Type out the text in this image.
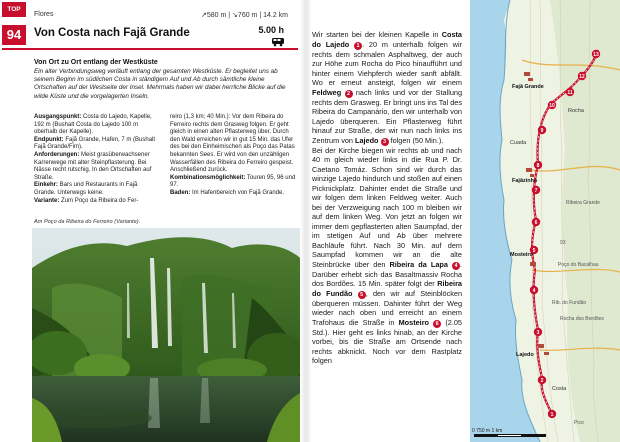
TOP
94
Flores	↗580 m | ↘760 m | 14.2 km
Von Costa nach Fajã Grande	5.00 h
Von Ort zu Ort entlang der Westküste
Ein alter Verbindungsweg verläuft entlang der gesamten Westküste. Er begleitet uns ab seinem Beginn im südlichen Costa in ständigem Auf und Ab durch sämtliche kleine Ortschaften auf der Westseite der Insel. Mehrmals haben wir dabei herrliche Blicke auf die wilde Küste und die vorgelagerten Inseln.
Ausgangspunkt: Costa do Lajedo, Kapelle, 192 m (Bushalt Costa do Lajedo 100 m oberhalb der Kapelle).
Endpunkt: Fajã Grande, Hafen, 7 m (Bushalt Fajã Grande/Fim).
Anforderungen: Meist grasüberwachsener Karrenwege mit alter Steinpflasterung. Bei Nässe recht rutschig. In den Ortschaften auf Straße.
Einkehr: Bars und Restaurants in Fajã Grande. Unterwegs keine.
Variante: Zum Poço da Ribeira do Fer-
reiro (1,3 km; 40 Min.): Vor dem Ribeira do Ferreiro rechts dem Grasweg folgen. Er geht gleich in einen alten Pflasterweg über. Durch den Wald erreichen wir in gut 15 Min. das Ufer des bei den Einheimischen als Poço das Patas bekannten Sees. Er wird von den unzähligen Wasserfällen des Ribeira do Ferreiro gespeist. Anschließend zurück.
Kombinationsmöglichkeit: Touren 95, 96 und 97.
Baden: Im Hafenbereich von Fajã Grande.
Am Poço da Ribeira do Ferreiro (Variante).
Wir starten bei der kleinen Kapelle in Costa do Lajedo 1 . 20 m unterhalb folgen wir rechts dem schmalen Asphaltweg, der auch zur Höhe zum Rocha do Pico hinaufführt und hinter einem Viehpferch wieder sanft abfällt. Wo er erneut ansteigt, folgen wir einem Feldweg 2 nach links und vor der Stallung rechts dem Grasweg. Er bringt uns ins Tal des Ribeira do Campanário, den wir unterhalb von Lajedo überqueren. Ein Pflasterweg führt hinauf zur Straße, der wir nun nach links ins Zentrum von Lajedo 3 folgen (50 Min.).
Bei der Kirche biegen wir rechts ab und nach 40 m gleich wieder links in die Rua P. Dr. Caetano Tomáz. Schon sind wir durch das winzige Lajedo hindurch und stoßen auf einen Picknickplatz. Dahinter endet die Straße und wir folgen dem linken Feldweg weiter. Auch bei der Verzweigung nach 100 m bleiben wir auf dem linken Weg. Von jetzt an folgen wir immer dem gepflasterten alten Saumpfad, der im stetigen Auf und Ab über mehrere Bachläufe führt. Nach 30 Min. auf dem Saumpfad kommen wir an die alte Steinbrücke über den Ribeira da Lapa 4 . Darüber erhebt sich das Basaltmassiv Rocha dos Bordões. 15 Min. später folgt der Ribeira do Fundão 5 , den wir auf Steinblöcken überqueren müssen. Dahinter führt der Weg wieder nach oben und erreicht an einem Trafohaus die Straße in Mosteiro 6 (2.05 Std.). Hier geht es links hinab, an der Kirche vorbei, bis die Straße am Ortsende nach rechts abknickt. Noch vor dem Rastplatz folgen
1
2
3
4
5
6
7
8
9
10
11
12
13
Fajã Grande
Rocha
Cuada
Fajãzinha
Ribeira Grande
93
Mosteiro
Poço do Bacalhau
Rib. do Fundão
Rocha dos Bordões
Lajedo
Costa
Pico
0 750 m 1 km
